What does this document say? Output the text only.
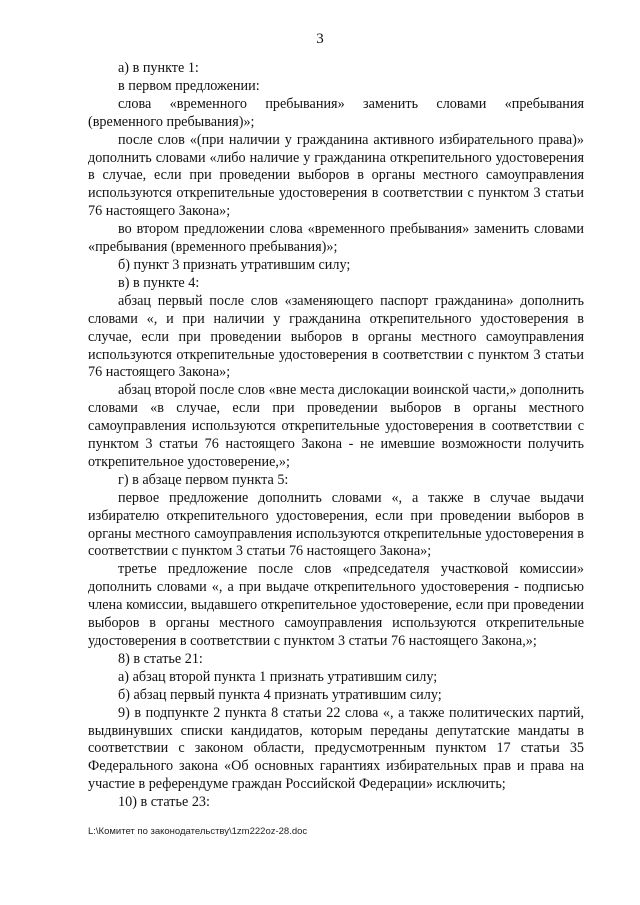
3

а) в пункте 1:

в первом предложении:

слова «временного пребывания» заменить словами «пребывания (временного пребывания)»;

после слов «(при наличии у гражданина активного избирательного права)» дополнить словами «либо наличие у гражданина открепительного удостоверения в случае, если при проведении выборов в органы местного самоуправления используются открепительные удостоверения в соответствии с пунктом 3 статьи 76 настоящего Закона»;

во втором предложении слова «временного пребывания» заменить словами «пребывания (временного пребывания)»;

б) пункт 3 признать утратившим силу;

в) в пункте 4:

абзац первый после слов «заменяющего паспорт гражданина» дополнить словами «, и при наличии у гражданина открепительного удостоверения в случае, если при проведении выборов в органы местного самоуправления используются открепительные удостоверения в соответствии с пунктом 3 статьи 76 настоящего Закона»;

абзац второй после слов «вне места дислокации воинской части,» дополнить словами «в случае, если при проведении выборов в органы местного самоуправления используются открепительные удостоверения в соответствии с пунктом 3 статьи 76 настоящего Закона - не имевшие возможности получить открепительное удостоверение,»;

г) в абзаце первом пункта 5:

первое предложение дополнить словами «, а также в случае выдачи избирателю открепительного удостоверения, если при проведении выборов в органы местного самоуправления используются открепительные удостоверения в соответствии с пунктом 3 статьи 76 настоящего Закона»;

третье предложение после слов «председателя участковой комиссии» дополнить словами «, а при выдаче открепительного удостоверения - подписью члена комиссии, выдавшего открепительное удостоверение, если при проведении выборов в органы местного самоуправления используются открепительные удостоверения в соответствии с пунктом 3 статьи 76 настоящего Закона,»;

8) в статье 21:

а) абзац второй пункта 1 признать утратившим силу;

б) абзац первый пункта 4 признать утратившим силу;

9) в подпункте 2 пункта 8 статьи 22 слова «, а также политических партий, выдвинувших списки кандидатов, которым переданы депутатские мандаты в соответствии с законом области, предусмотренным пунктом 17 статьи 35 Федерального закона «Об основных гарантиях избирательных прав и права на участие в референдуме граждан Российской Федерации» исключить;

10) в статье 23:

L:\Комитет по законодательству\1zm222oz-28.doc
